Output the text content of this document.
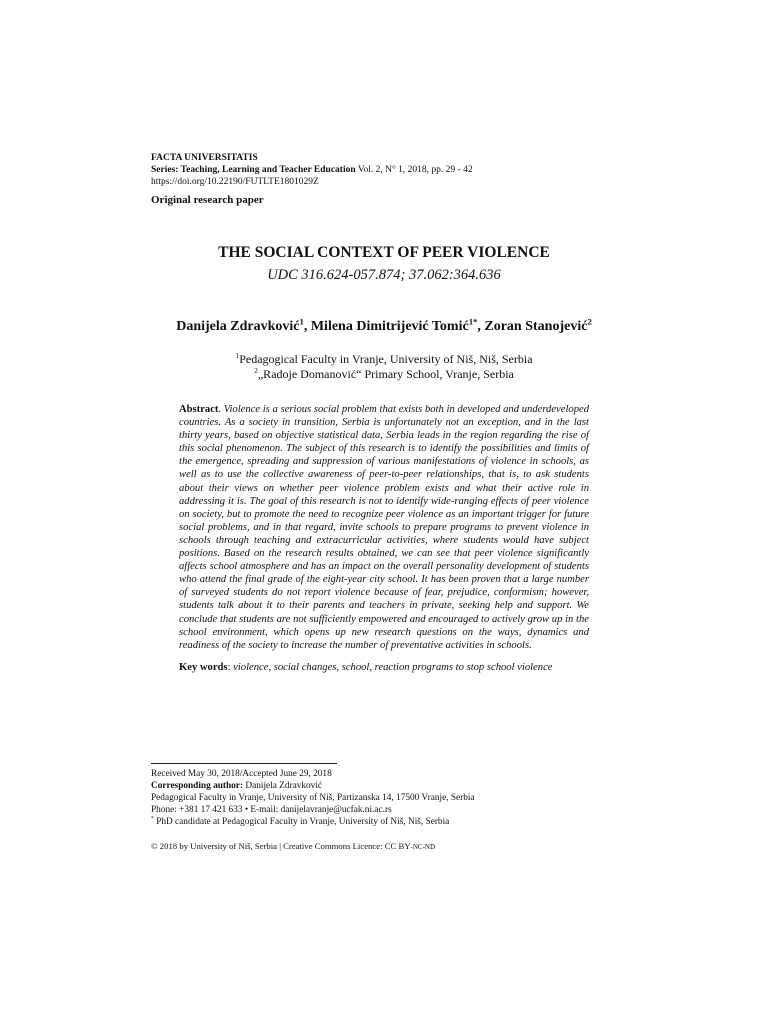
FACTA UNIVERSITATIS
Series: Teaching, Learning and Teacher Education Vol. 2, N° 1, 2018, pp. 29 - 42
https://doi.org/10.22190/FUTLTE1801029Z
Original research paper
THE SOCIAL CONTEXT OF PEER VIOLENCE
UDC 316.624-057.874; 37.062:364.636
Danijela Zdravković$^1$, Milena Dimitrijević Tomić$^{1*}$, Zoran Stanojević$^2$
$^1$Pedagogical Faculty in Vranje, University of Niš, Niš, Serbia
$^2$„Radoje Domanović“ Primary School, Vranje, Serbia
Abstract. Violence is a serious social problem that exists both in developed and underdeveloped countries. As a society in transition, Serbia is unfortunately not an exception, and in the last thirty years, based on objective statistical data, Serbia leads in the region regarding the rise of this social phenomenon. The subject of this research is to identify the possibilities and limits of the emergence, spreading and suppression of various manifestations of violence in schools, as well as to use the collective awareness of peer-to-peer relationships, that is, to ask students about their views on whether peer violence problem exists and what their active role in addressing it is. The goal of this research is not to identify wide-ranging effects of peer violence on society, but to promote the need to recognize peer violence as an important trigger for future social problems, and in that regard, invite schools to prepare programs to prevent violence in schools through teaching and extracurricular activities, where students would have subject positions. Based on the research results obtained, we can see that peer violence significantly affects school atmosphere and has an impact on the overall personality development of students who attend the final grade of the eight-year city school. It has been proven that a large number of surveyed students do not report violence because of fear, prejudice, conformism; however, students talk about it to their parents and teachers in private, seeking help and support. We conclude that students are not sufficiently empowered and encouraged to actively grow up in the school environment, which opens up new research questions on the ways, dynamics and readiness of the society to increase the number of preventative activities in schools.
Key words: violence, social changes, school, reaction programs to stop school violence
Received May 30, 2018/Accepted June 29, 2018
Corresponding author: Danijela Zdravković
Pedagogical Faculty in Vranje, University of Niš, Partizanska 14, 17500 Vranje, Serbia
Phone: +381 17 421 633 • E-mail: danijelavranje@ucfak.ni.ac.rs
* PhD candidate at Pedagogical Faculty in Vranje, University of Niš, Niš, Serbia
© 2018 by University of Niš, Serbia | Creative Commons Licence: CC BY-NC-ND
